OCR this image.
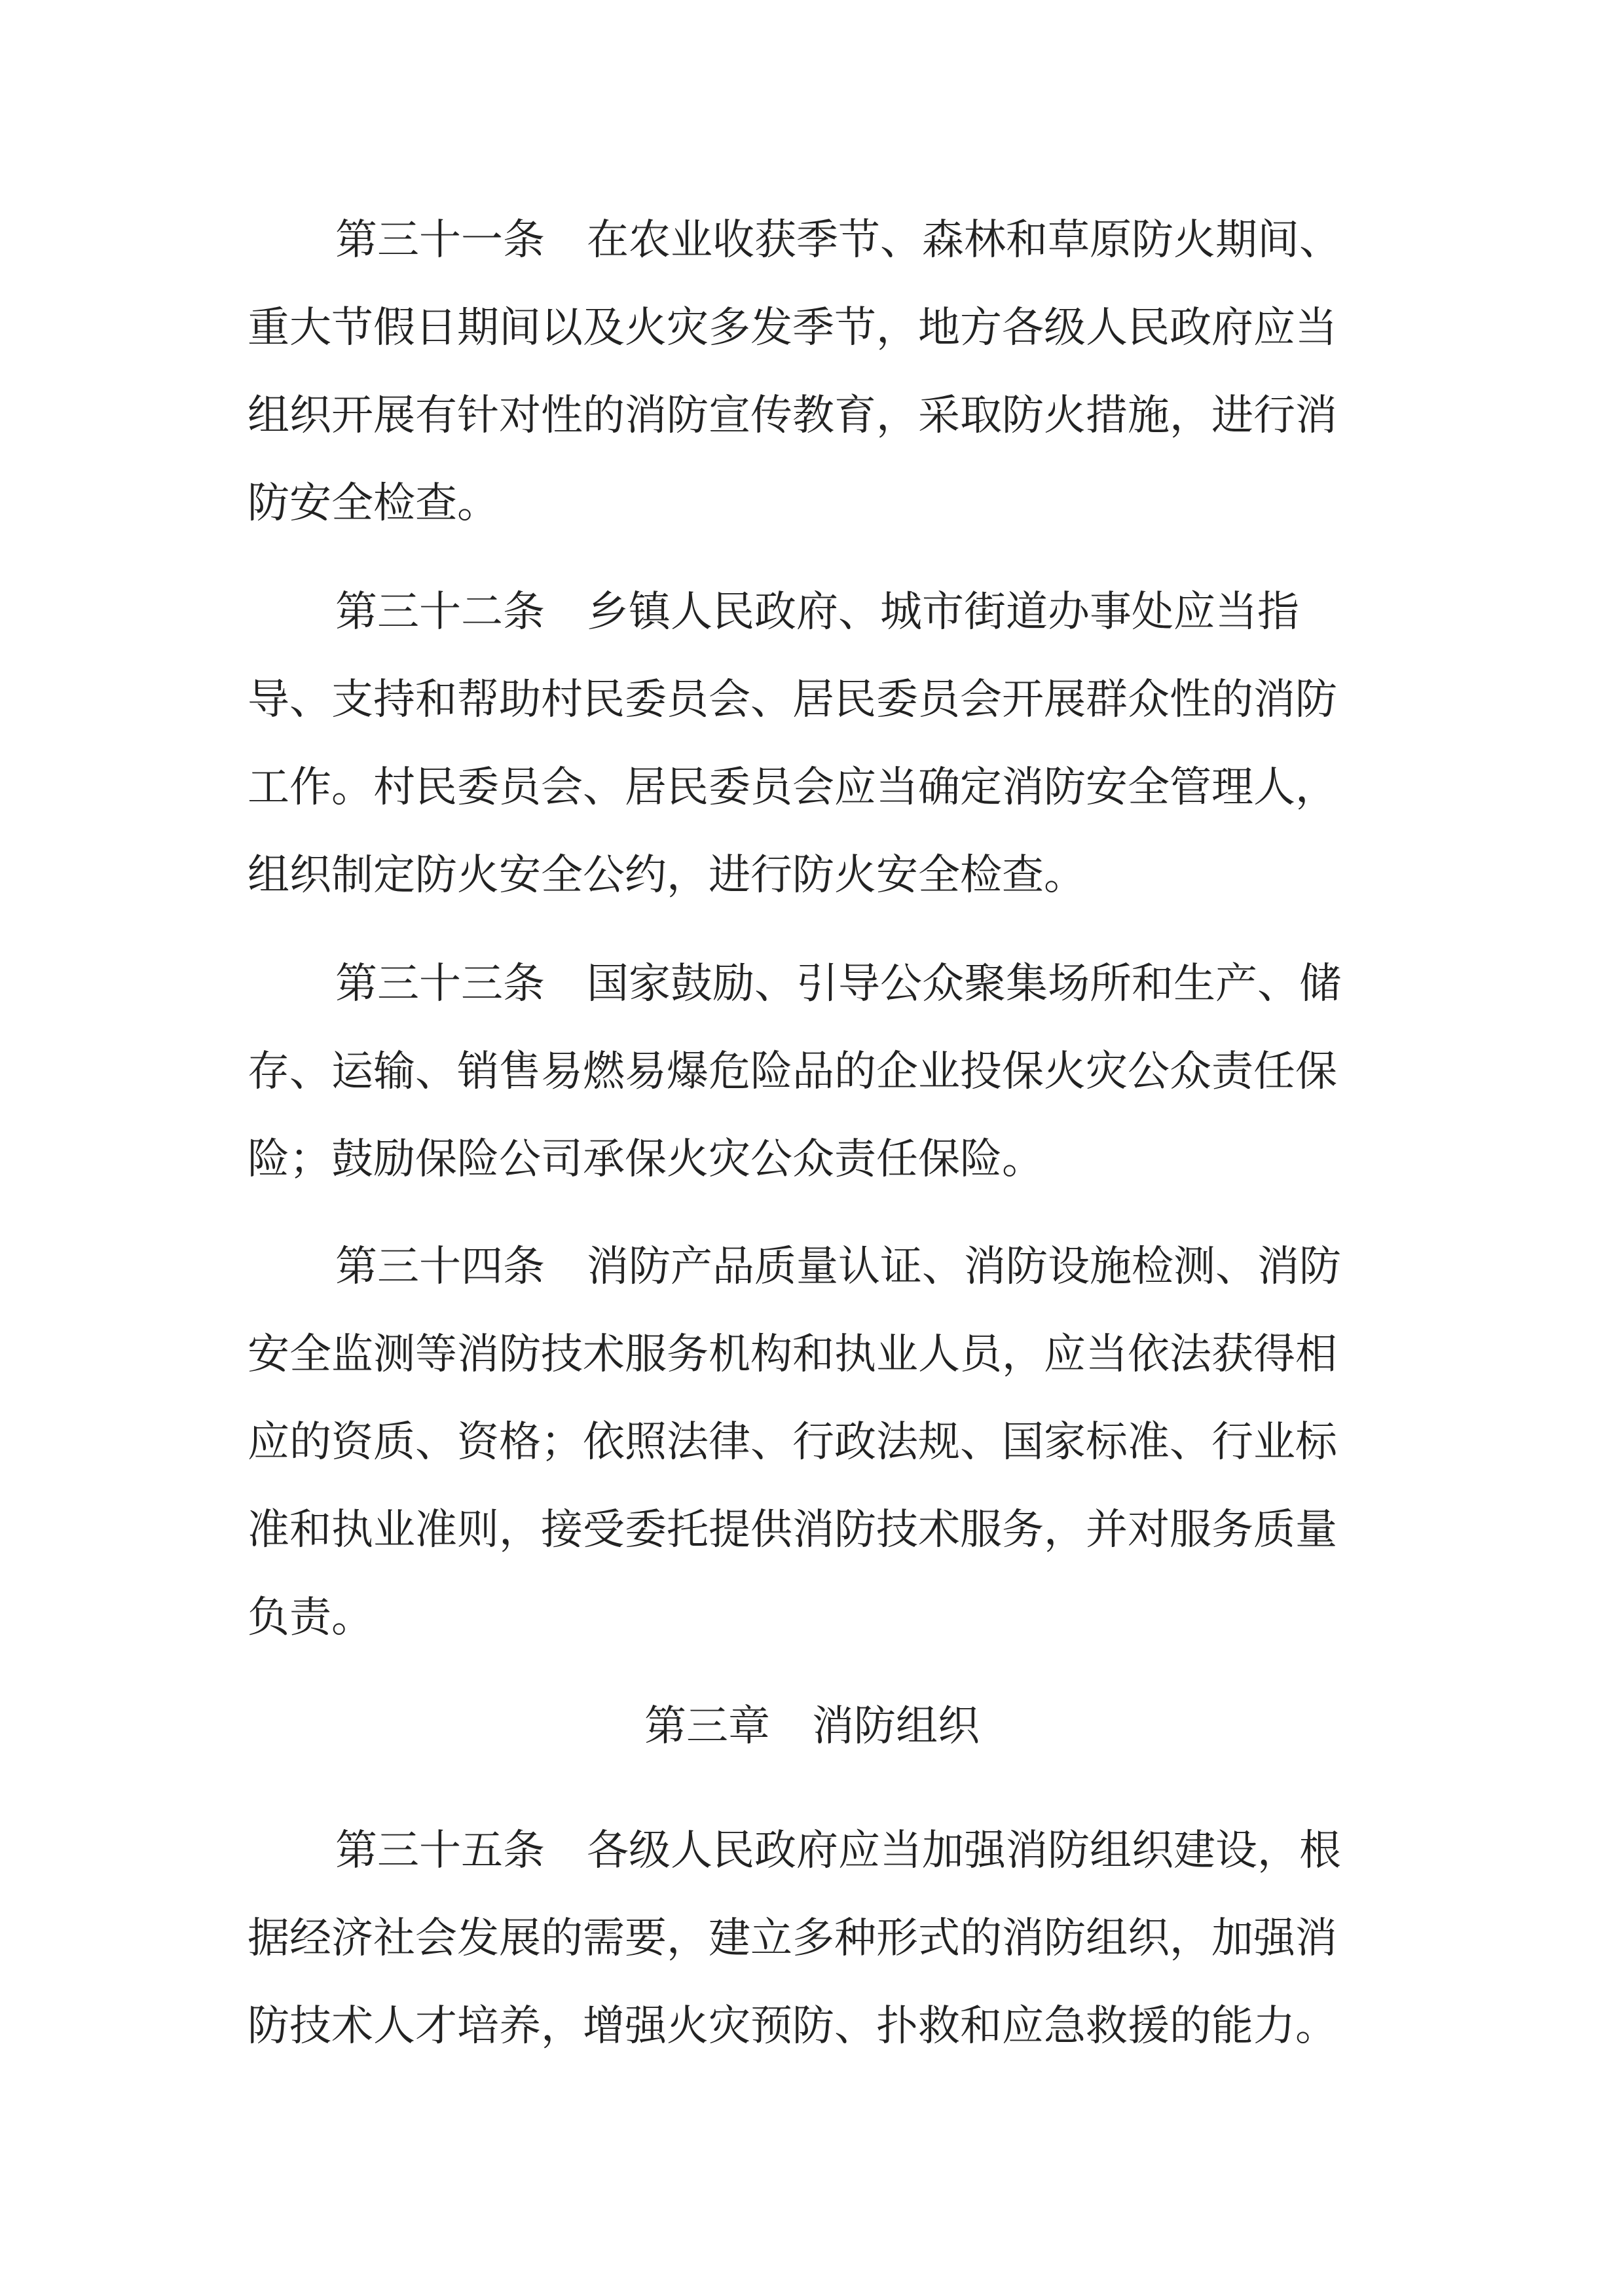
第三十一条 在农业收获季节、森林和草原防火期间、
重大节假日期间以及火灾多发季节，地方各级人民政府应当
组织开展有针对性的消防宣传教育，采取防火措施，进行消
防安全检查。
第三十二条 乡镇人民政府、城市街道办事处应当指
导、支持和帮助村民委员会、居民委员会开展群众性的消防
工作。村民委员会、居民委员会应当确定消防安全管理人，
组织制定防火安全公约，进行防火安全检查。
第三十三条 国家鼓励、引导公众聚集场所和生产、储
存、运输、销售易燃易爆危险品的企业投保火灾公众责任保
险；鼓励保险公司承保火灾公众责任保险。
第三十四条 消防产品质量认证、消防设施检测、消防
安全监测等消防技术服务机构和执业人员，应当依法获得相
应的资质、资格；依照法律、行政法规、国家标准、行业标
准和执业准则，接受委托提供消防技术服务，并对服务质量
负责。
第三章 消防组织
第三十五条 各级人民政府应当加强消防组织建设，根
据经济社会发展的需要，建立多种形式的消防组织，加强消
防技术人才培养，增强火灾预防、扑救和应急救援的能力。
